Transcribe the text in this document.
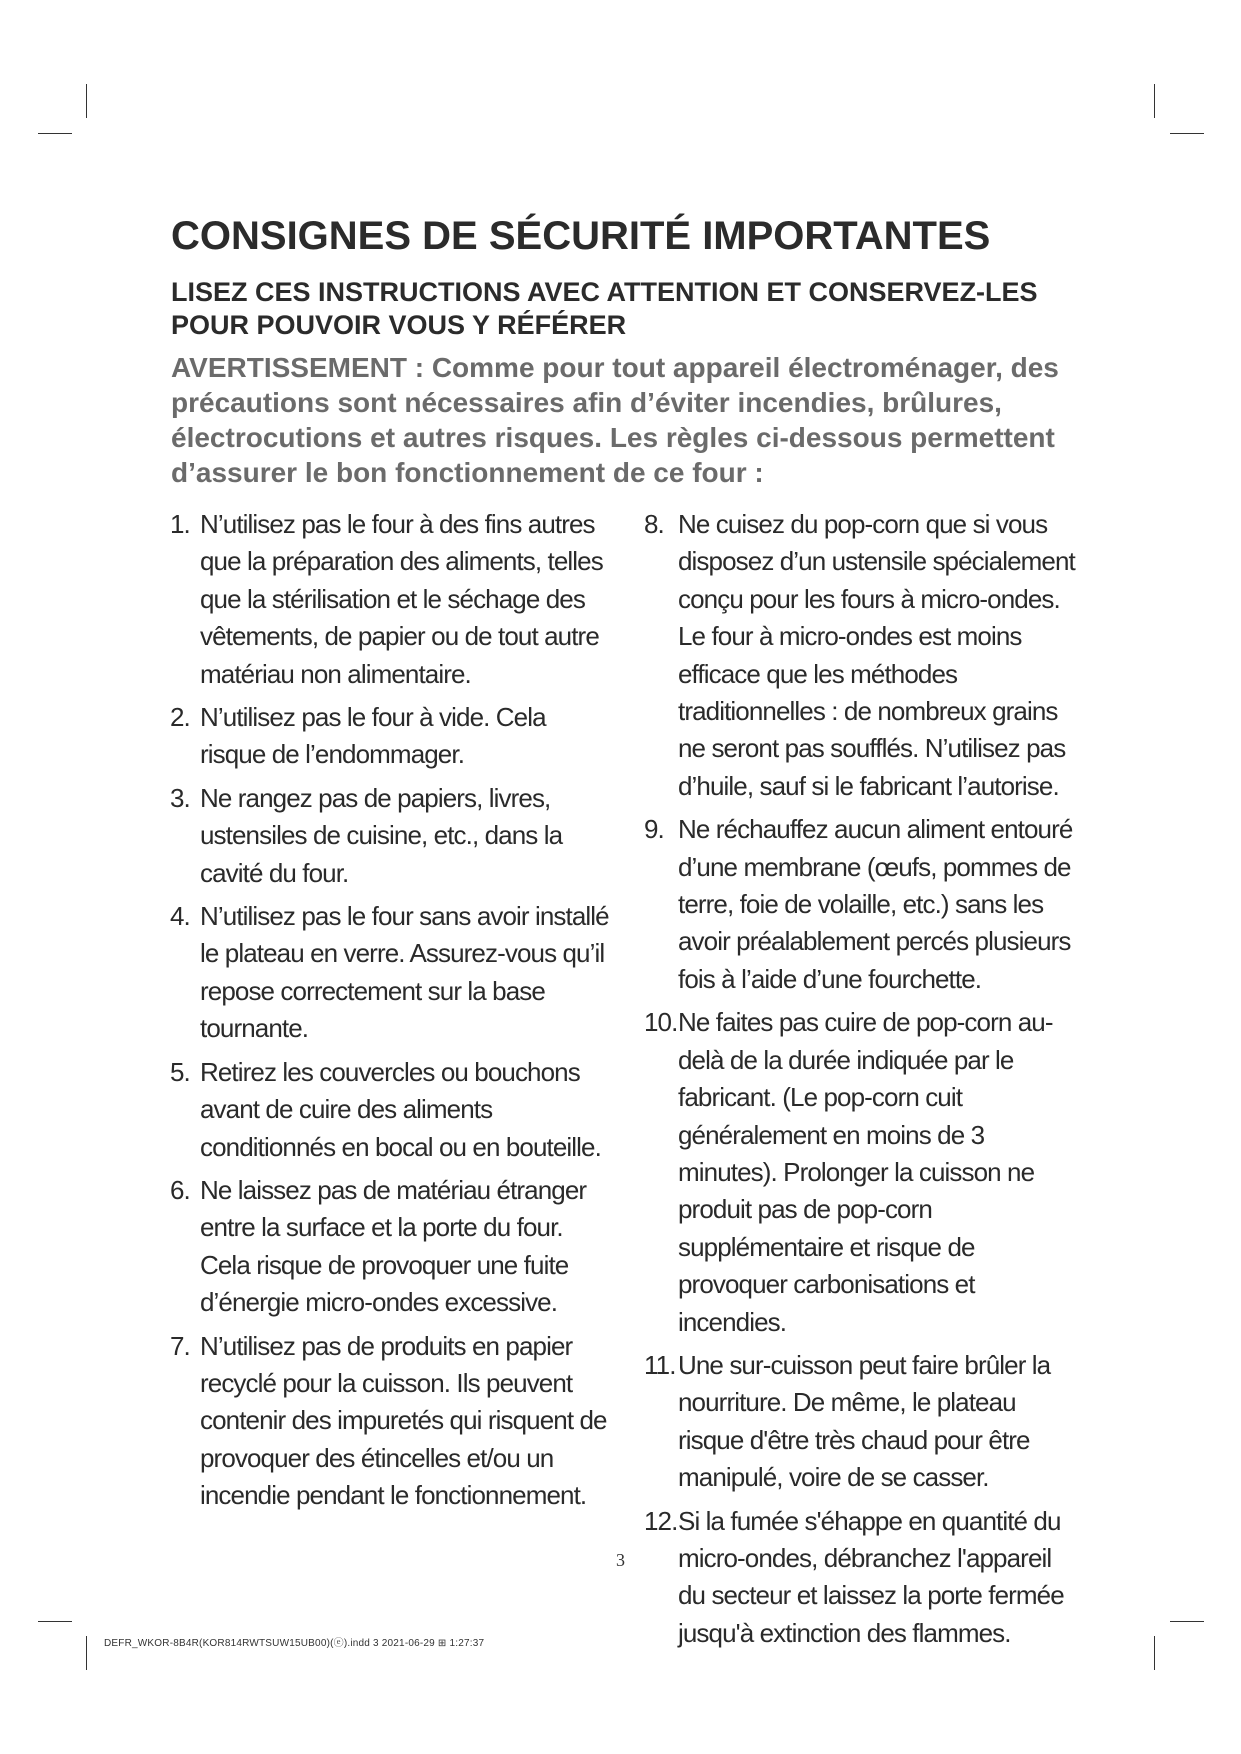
CONSIGNES DE SÉCURITÉ IMPORTANTES
LISEZ CES INSTRUCTIONS AVEC ATTENTION ET CONSERVEZ-LES POUR POUVOIR VOUS Y RÉFÉRER

AVERTISSEMENT : Comme pour tout appareil électroménager, des précautions sont nécessaires afin d’éviter incendies, brûlures, électrocutions et autres risques. Les règles ci-dessous permettent d’assurer le bon fonctionnement de ce four :

1. N’utilisez pas le four à des fins autres que la préparation des aliments, telles que la stérilisation et le séchage des vêtements, de papier ou de tout autre matériau non alimentaire.
2. N’utilisez pas le four à vide. Cela risque de l’endommager.
3. Ne rangez pas de papiers, livres, ustensiles de cuisine, etc., dans la cavité du four.
4. N’utilisez pas le four sans avoir installé le plateau en verre. Assurez-vous qu’il repose correctement sur la base tournante.
5. Retirez les couvercles ou bouchons avant de cuire des aliments conditionnés en bocal ou en bouteille.
6. Ne laissez pas de matériau étranger entre la surface et la porte du four. Cela risque de provoquer une fuite d’énergie micro-ondes excessive.
7. N’utilisez pas de produits en papier recyclé pour la cuisson. Ils peuvent contenir des impuretés qui risquent de provoquer des étincelles et/ou un incendie pendant le fonctionnement.
8. Ne cuisez du pop-corn que si vous disposez d’un ustensile spécialement conçu pour les fours à micro-ondes. Le four à micro-ondes est moins efficace que les méthodes traditionnelles : de nombreux grains ne seront pas soufflés. N’utilisez pas d’huile, sauf si le fabricant l’autorise.
9. Ne réchauffez aucun aliment entouré d’une membrane (œufs, pommes de terre, foie de volaille, etc.) sans les avoir préalablement percés plusieurs fois à l’aide d’une fourchette.
10. Ne faites pas cuire de pop-corn au-delà de la durée indiquée par le fabricant. (Le pop-corn cuit généralement en moins de 3 minutes). Prolonger la cuisson ne produit pas de pop-corn supplémentaire et risque de provoquer carbonisations et incendies.
11. Une sur-cuisson peut faire brûler la nourriture. De même, le plateau risque d'être très chaud pour être manipulé, voire de se casser.
12. Si la fumée s'éhappe en quantité du micro-ondes, débranchez l'appareil du secteur et laissez la porte fermée jusqu'à extinction des flammes.
3
DEFR_WKOR-8B4R(KOR814RWTSUW15UB00)(ⓔ).indd 3 2021-06-29 ⊞ 1:27:37
